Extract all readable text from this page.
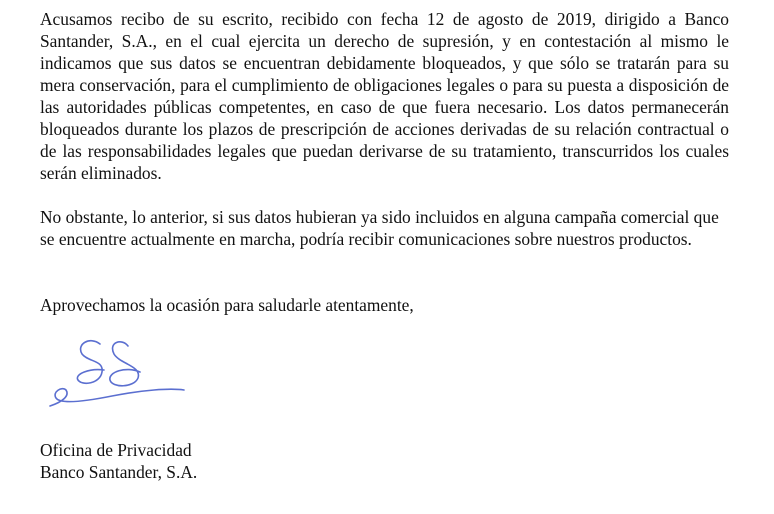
Acusamos recibo de su escrito, recibido con fecha 12 de agosto de 2019, dirigido a Banco Santander, S.A., en el cual ejercita un derecho de supresión, y en contestación al mismo le indicamos que sus datos se encuentran debidamente bloqueados, y que sólo se tratarán para su mera conservación, para el cumplimiento de obligaciones legales o para su puesta a disposición de las autoridades públicas competentes, en caso de que fuera necesario. Los datos permanecerán bloqueados durante los plazos de prescripción de acciones derivadas de su relación contractual o de las responsabilidades legales que puedan derivarse de su tratamiento, transcurridos los cuales serán eliminados.

No obstante, lo anterior, si sus datos hubieran ya sido incluidos en alguna campaña comercial que se encuentre actualmente en marcha, podría recibir comunicaciones sobre nuestros productos.

Aprovechamos la ocasión para saludarle atentamente,

Oficina de Privacidad
Banco Santander, S.A.
